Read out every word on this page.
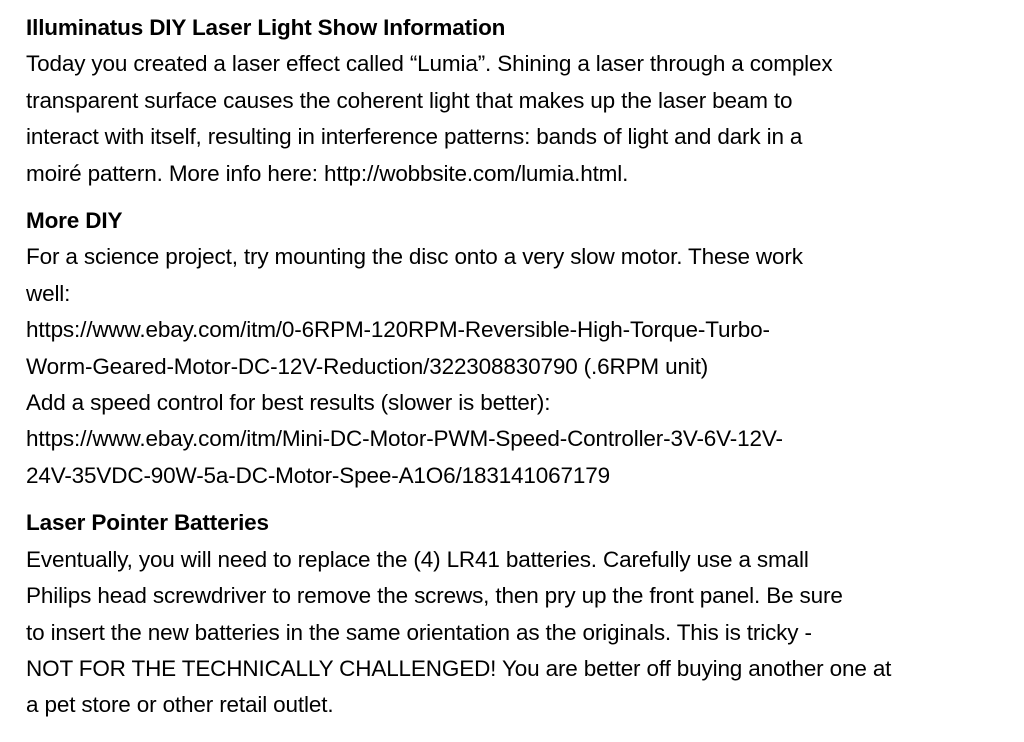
Illuminatus DIY Laser Light Show Information

Today you created a laser effect called “Lumia”. Shining a laser through a complex
transparent surface causes the coherent light that makes up the laser beam to
interact with itself, resulting in interference patterns: bands of light and dark in a
moiré pattern. More info here: http://wobbsite.com/lumia.html.

More DIY

For a science project, try mounting the disc onto a very slow motor. These work
well:
https://www.ebay.com/itm/0-6RPM-120RPM-Reversible-High-Torque-Turbo-
Worm-Geared-Motor-DC-12V-Reduction/322308830790 (.6RPM unit)
Add a speed control for best results (slower is better):
https://www.ebay.com/itm/Mini-DC-Motor-PWM-Speed-Controller-3V-6V-12V-
24V-35VDC-90W-5a-DC-Motor-Spee-A1O6/183141067179

Laser Pointer Batteries

Eventually, you will need to replace the (4) LR41 batteries. Carefully use a small
Philips head screwdriver to remove the screws, then pry up the front panel. Be sure
to insert the new batteries in the same orientation as the originals. This is tricky -
NOT FOR THE TECHNICALLY CHALLENGED! You are better off buying another one at
a pet store or other retail outlet.
